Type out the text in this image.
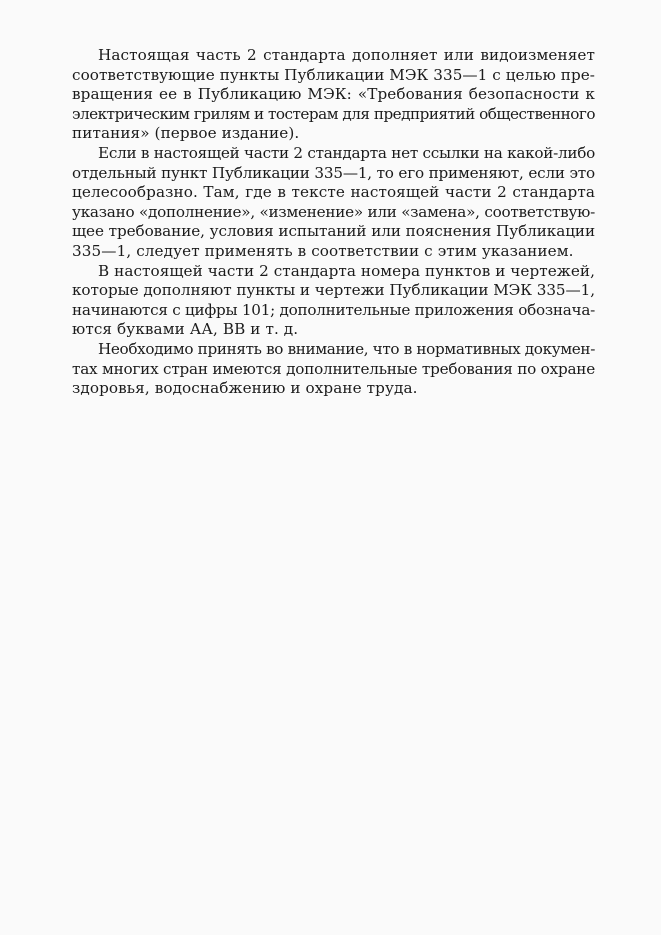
Настоящая часть 2 стандарта дополняет или видоизменяет
соответствующие пункты Публикации МЭК 335—1 с целью пре-
вращения ее в Публикацию МЭК: «Требования безопасности к
электрическим грилям и тостерам для предприятий общественного
питания» (первое издание).
Если в настоящей части 2 стандарта нет ссылки на какой-либо
отдельный пункт Публикации 335—1, то его применяют, если это
целесообразно. Там, где в тексте настоящей части 2 стандарта
указано «дополнение», «изменение» или «замена», соответствую-
щее требование, условия испытаний или пояснения Публикации
335—1, следует применять в соответствии с этим указанием.
В настоящей части 2 стандарта номера пунктов и чертежей,
которые дополняют пункты и чертежи Публикации МЭК 335—1,
начинаются с цифры 101; дополнительные приложения обознача-
ются буквами АА, ВВ и т. д.
Необходимо принять во внимание, что в нормативных докумен-
тах многих стран имеются дополнительные требования по охране
здоровья, водоснабжению и охране труда.
